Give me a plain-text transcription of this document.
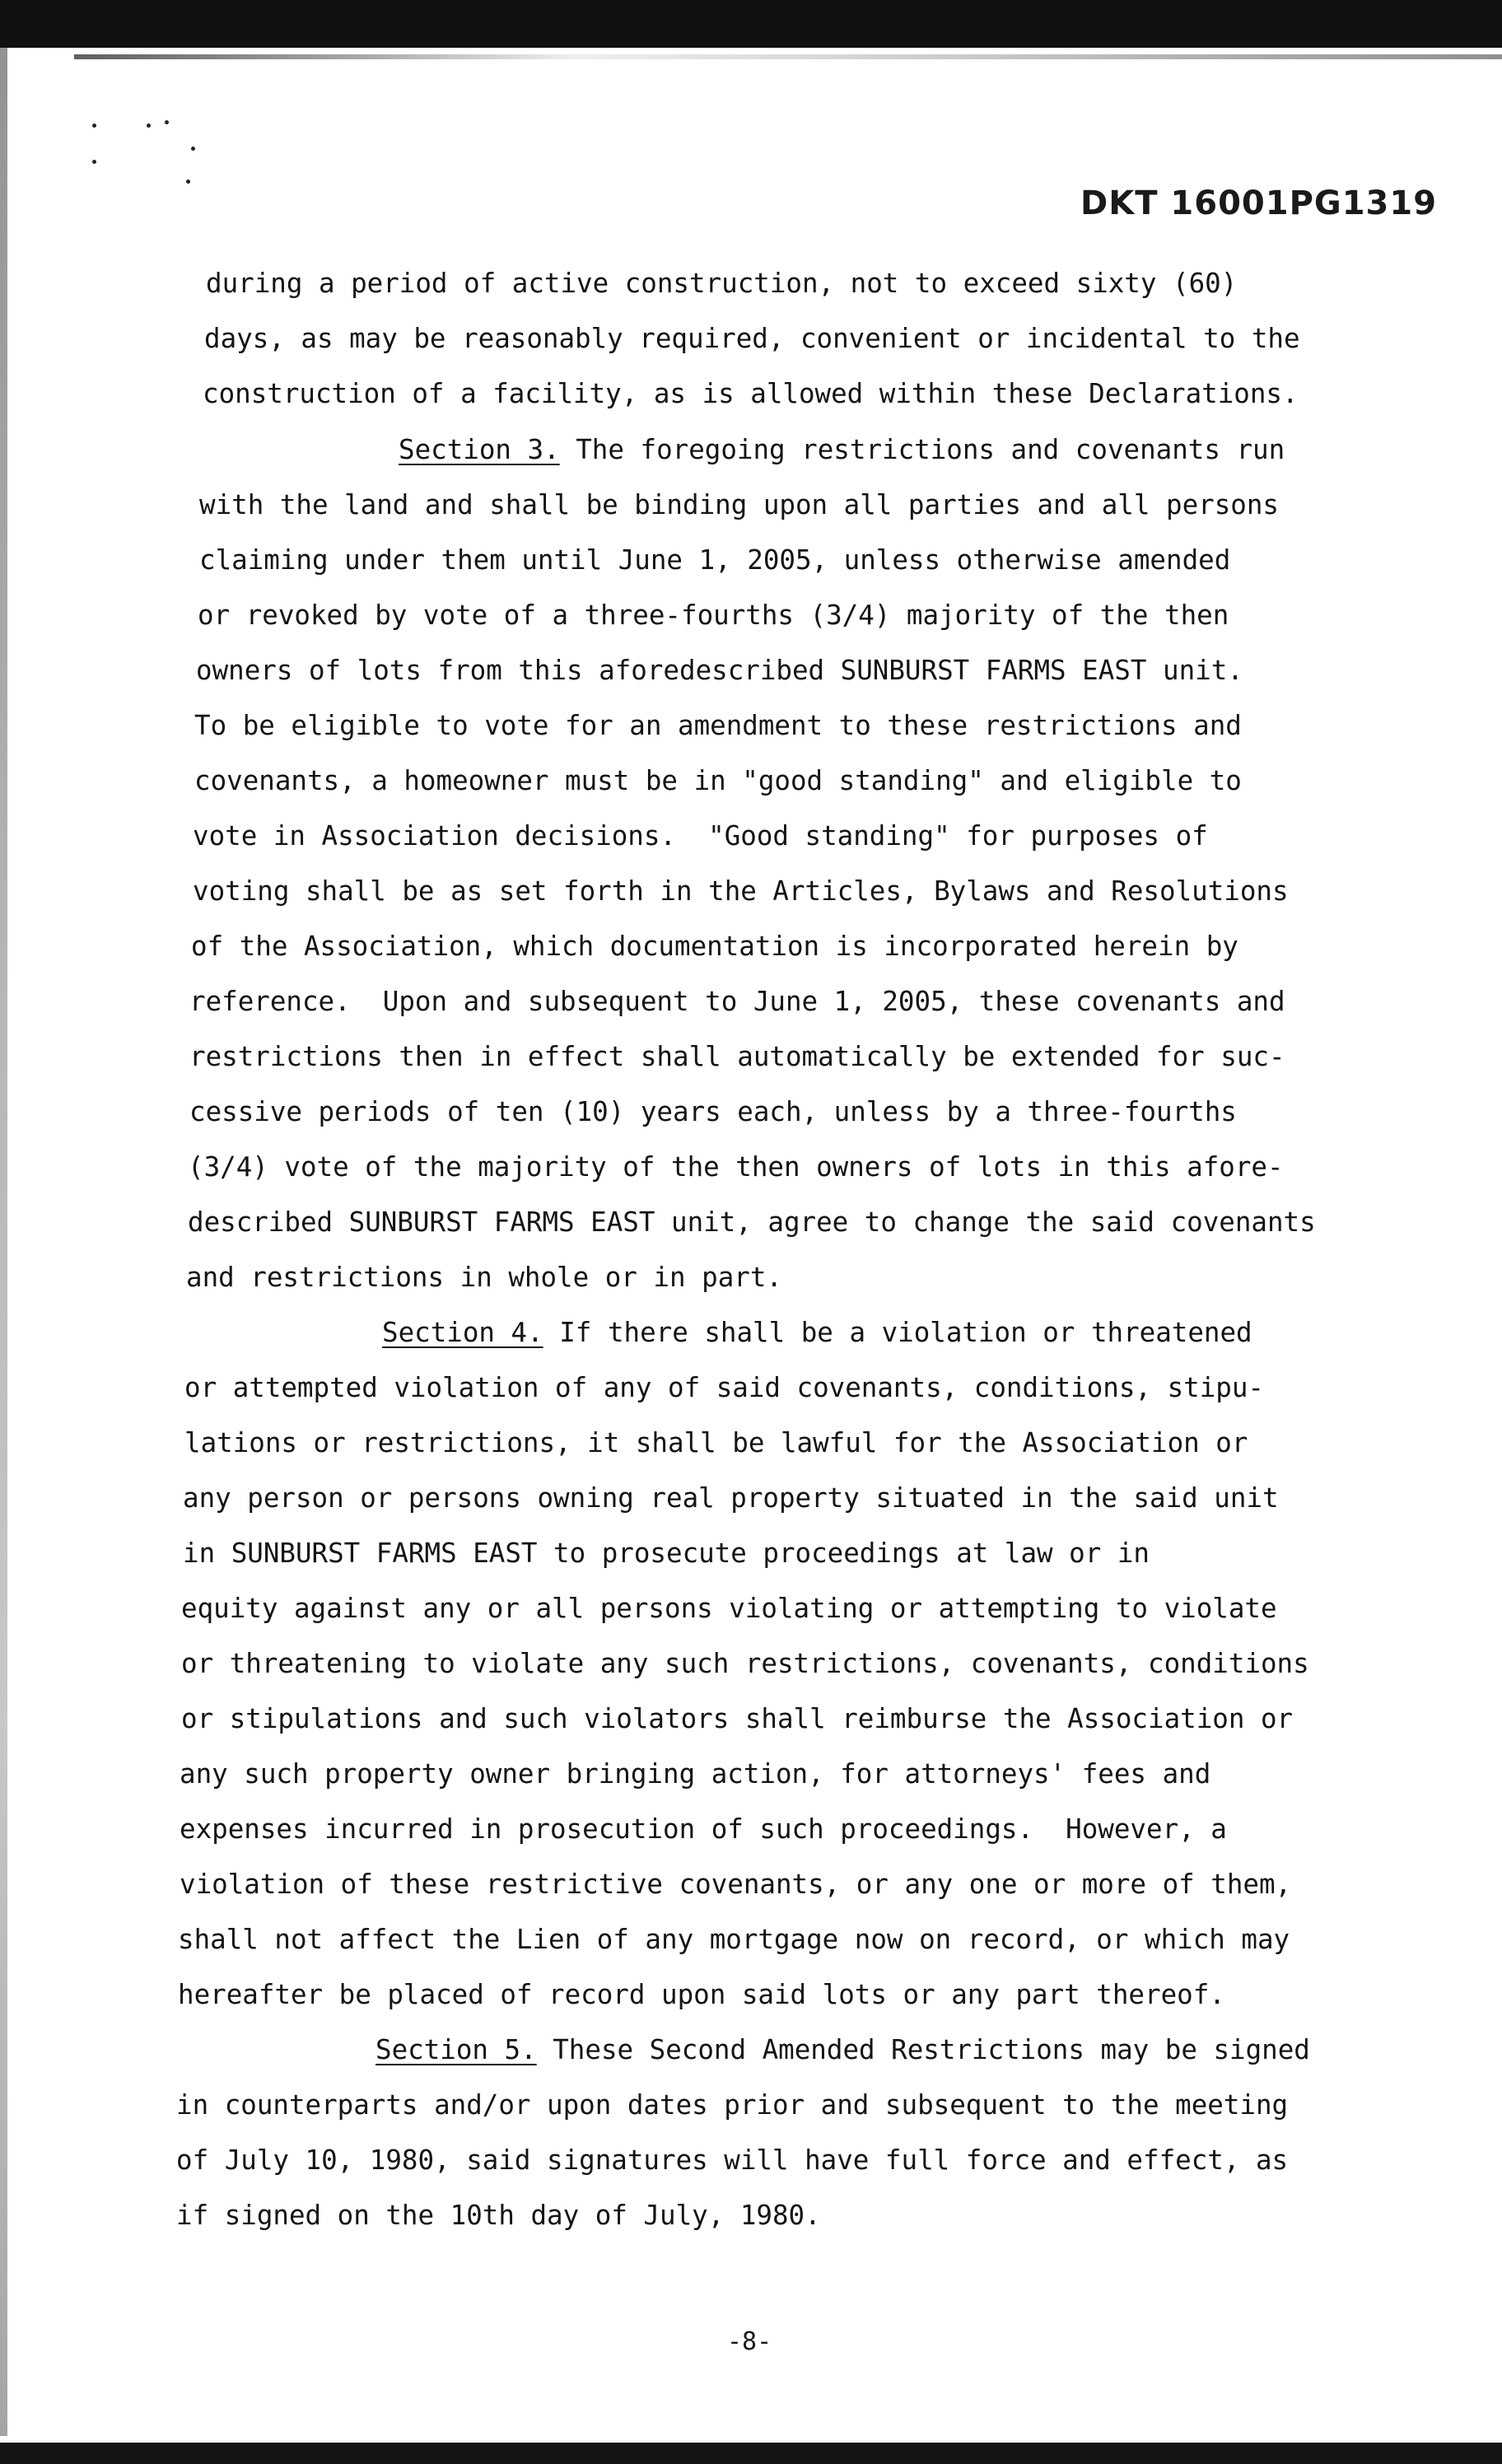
DKT 16001PG1319
during a period of active construction, not to exceed sixty (60)
days, as may be reasonably required, convenient or incidental to the
construction of a facility, as is allowed within these Declarations.
Section 3. The foregoing restrictions and covenants run
with the land and shall be binding upon all parties and all persons
claiming under them until June 1, 2005, unless otherwise amended
or revoked by vote of a three-fourths (3/4) majority of the then
owners of lots from this aforedescribed SUNBURST FARMS EAST unit.
To be eligible to vote for an amendment to these restrictions and
covenants, a homeowner must be in "good standing" and eligible to
vote in Association decisions.  "Good standing" for purposes of
voting shall be as set forth in the Articles, Bylaws and Resolutions
of the Association, which documentation is incorporated herein by
reference.  Upon and subsequent to June 1, 2005, these covenants and
restrictions then in effect shall automatically be extended for suc-
cessive periods of ten (10) years each, unless by a three-fourths
(3/4) vote of the majority of the then owners of lots in this afore-
described SUNBURST FARMS EAST unit, agree to change the said covenants
and restrictions in whole or in part.
Section 4. If there shall be a violation or threatened
or attempted violation of any of said covenants, conditions, stipu-
lations or restrictions, it shall be lawful for the Association or
any person or persons owning real property situated in the said unit
in SUNBURST FARMS EAST to prosecute proceedings at law or in
equity against any or all persons violating or attempting to violate
or threatening to violate any such restrictions, covenants, conditions
or stipulations and such violators shall reimburse the Association or
any such property owner bringing action, for attorneys' fees and
expenses incurred in prosecution of such proceedings.  However, a
violation of these restrictive covenants, or any one or more of them,
shall not affect the Lien of any mortgage now on record, or which may
hereafter be placed of record upon said lots or any part thereof.
Section 5. These Second Amended Restrictions may be signed
in counterparts and/or upon dates prior and subsequent to the meeting
of July 10, 1980, said signatures will have full force and effect, as
if signed on the 10th day of July, 1980.
-8-
